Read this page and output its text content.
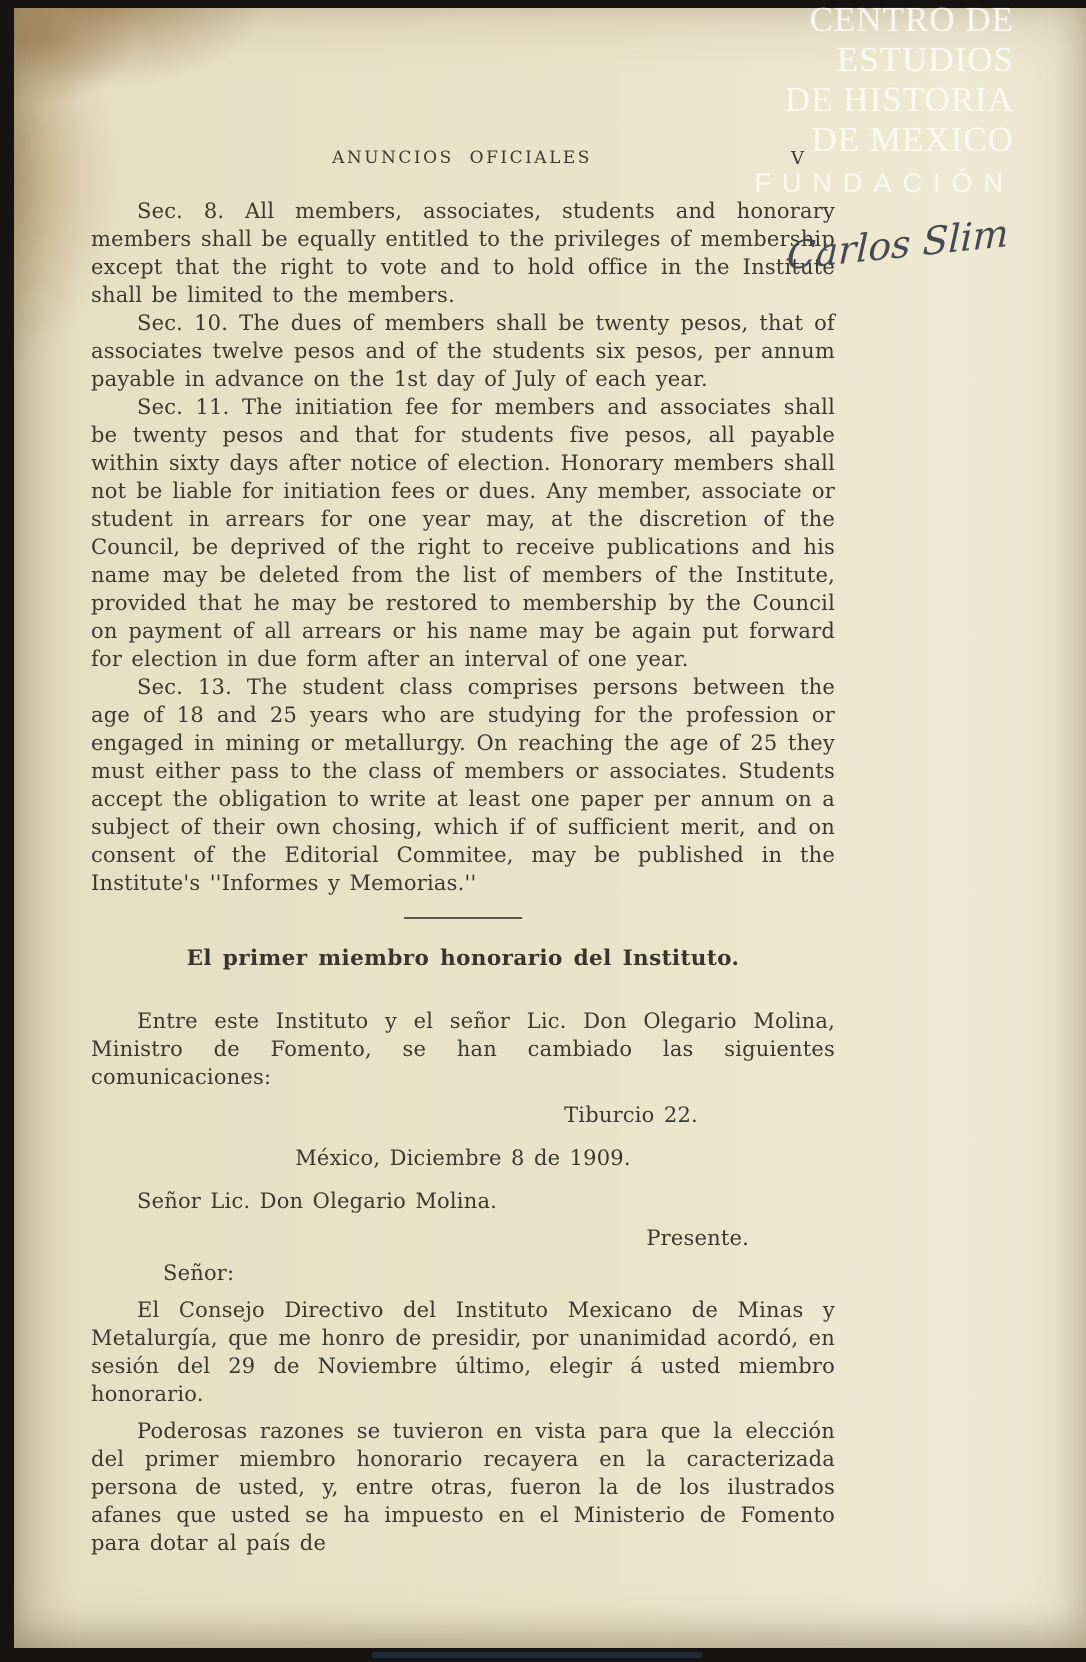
ANUNCIOS OFICIALES	V

Sec. 8. All members, associates, students and honorary members shall be equally entitled to the privileges of membership except that the right to vote and to hold office in the Institute shall be limited to the members.

Sec. 10. The dues of members shall be twenty pesos, that of associates twelve pesos and of the students six pesos, per annum payable in advance on the 1st day of July of each year.

Sec. 11. The initiation fee for members and associates shall be twenty pesos and that for students five pesos, all payable within sixty days after notice of election. Honorary members shall not be liable for initiation fees or dues. Any member, associate or student in arrears for one year may, at the discretion of the Council, be deprived of the right to receive publications and his name may be deleted from the list of members of the Institute, provided that he may be restored to membership by the Council on payment of all arrears or his name may be again put forward for election in due form after an interval of one year.

Sec. 13. The student class comprises persons between the age of 18 and 25 years who are studying for the profession or engaged in mining or metallurgy. On reaching the age of 25 they must either pass to the class of members or associates. Students accept the obligation to write at least one paper per annum on a subject of their own chosing, which if of sufficient merit, and on consent of the Editorial Commitee, may be published in the Institute's ''Informes y Memorias.''

El primer miembro honorario del Instituto.

Entre este Instituto y el señor Lic. Don Olegario Molina, Ministro de Fomento, se han cambiado las siguientes comunicaciones:

Tiburcio 22.

México, Diciembre 8 de 1909.

Señor Lic. Don Olegario Molina.

Presente.

Señor:

El Consejo Directivo del Instituto Mexicano de Minas y Metalurgía, que me honro de presidir, por unanimidad acordó, en sesión del 29 de Noviembre último, elegir á usted miembro honorario.

Poderosas razones se tuvieron en vista para que la elección del primer miembro honorario recayera en la caracterizada persona de usted, y, entre otras, fueron la de los ilustrados afanes que usted se ha impuesto en el Ministerio de Fomento para dotar al país de

CENTRO DE
ESTUDIOS
DE HISTORIA
DE MEXICO
FUNDACIÓN
Carlos Slim
